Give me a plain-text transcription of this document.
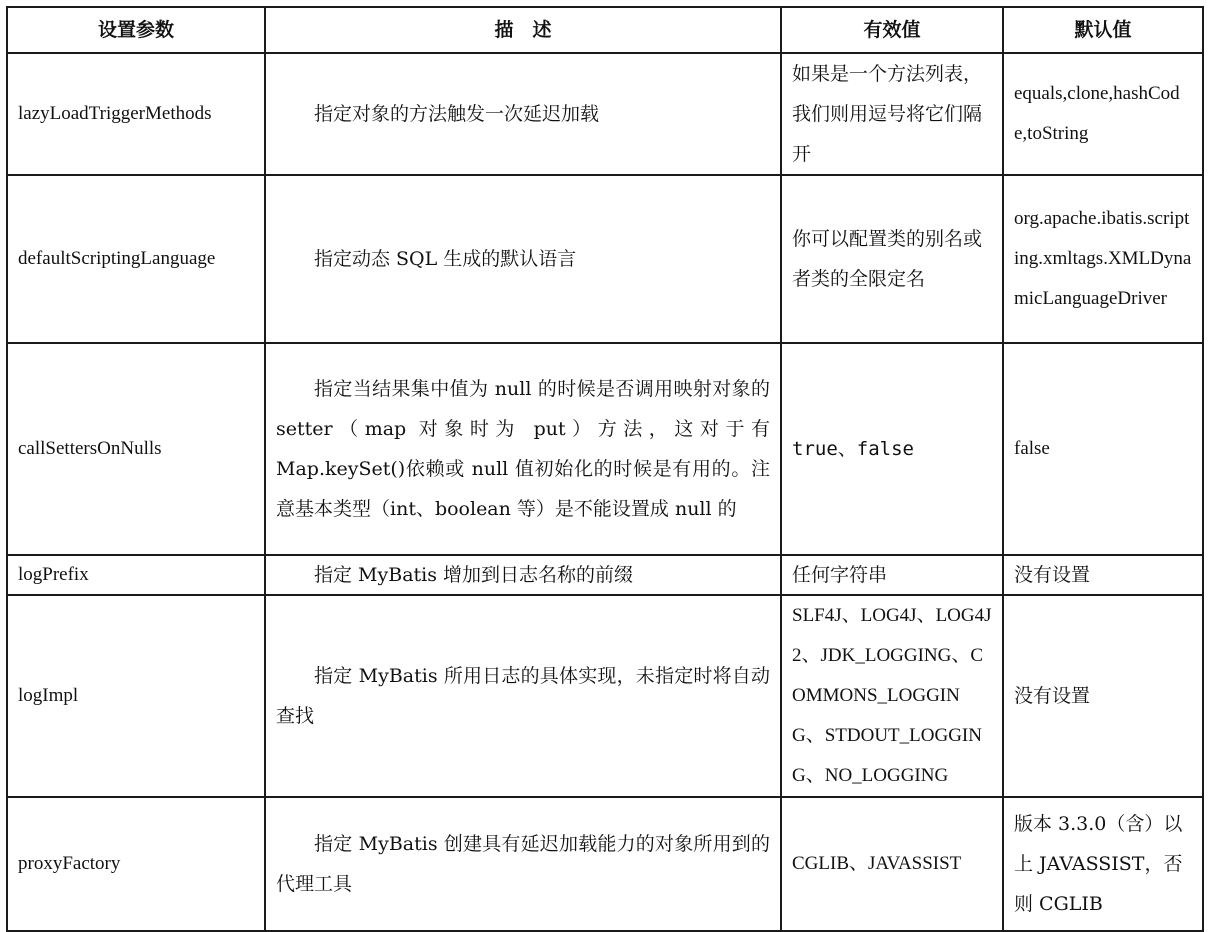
设置参数	描　述	有效值	默认值
lazyLoadTriggerMethods	指定对象的方法触发一次延迟加载	如果是一个方法列表，我们则用逗号将它们隔开	equals,clone,hashCode,toString
defaultScriptingLanguage	指定动态 SQL 生成的默认语言	你可以配置类的别名或者类的全限定名	org.apache.ibatis.scripting.xmltags.XMLDynamicLanguageDriver
callSettersOnNulls	指定当结果集中值为 null 的时候是否调用映射对象的 setter（map 对象时为 put）方法，这对于有 Map.keySet()依赖或 null 值初始化的时候是有用的。注意基本类型（int、boolean 等）是不能设置成 null 的	true、false	false
logPrefix	指定 MyBatis 增加到日志名称的前缀	任何字符串	没有设置
logImpl	指定 MyBatis 所用日志的具体实现，未指定时将自动查找	SLF4J、LOG4J、LOG4J2、JDK_LOGGING、COMMONS_LOGGING、STDOUT_LOGGING、NO_LOGGING	没有设置
proxyFactory	指定 MyBatis 创建具有延迟加载能力的对象所用到的代理工具	CGLIB、JAVASSIST	版本 3.3.0（含）以上 JAVASSIST，否则 CGLIB
